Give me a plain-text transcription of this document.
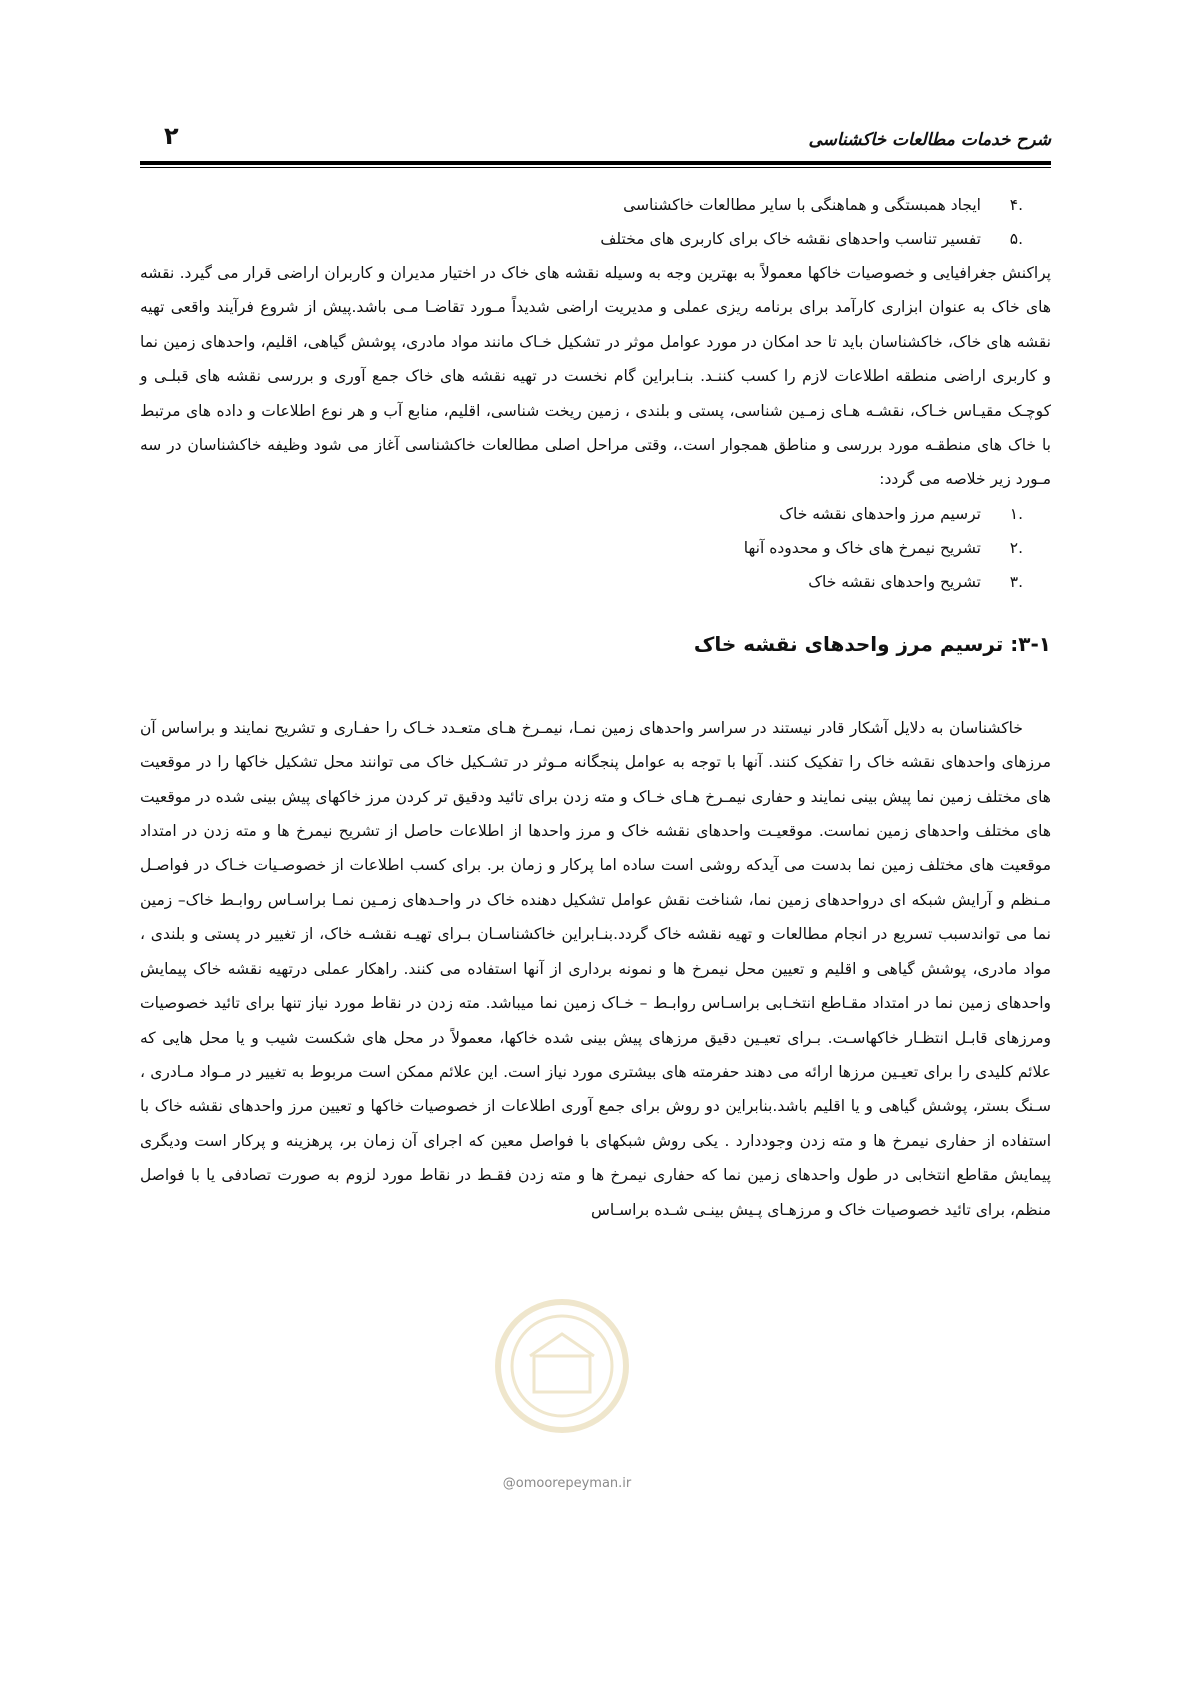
شرح خدمات مطالعات خاکشناسی
۲
.۴
ایجاد همبستگی و هماهنگی با سایر مطالعات خاکشناسی
.۵
تفسیر تناسب واحدهای نقشه خاک برای کاربری های مختلف

پراکنش جغرافیایی و خصوصیات خاکها معمولاً به بهترین وجه به وسیله نقشه های خاک در اختیار مدیران و کاربران اراضی قرار می گیرد. نقشه های خاک به عنوان ابزاری کارآمد برای برنامه ریزی عملی و مدیریت اراضی شدیداً مـورد تقاضـا مـی باشد.پیش از شروع فرآیند واقعی تهیه نقشه های خاک، خاکشناسان باید تا حد امکان در مورد عوامل موثر در تشکیل خـاک مانند مواد مادری، پوشش گیاهی، اقلیم، واحدهای زمین نما و کاربری اراضی منطقه اطلاعات لازم را کسب کننـد. بنـابراین گام نخست در تهیه نقشه های خاک جمع آوری و بررسی نقشه های قبلـی و کوچـک مقیـاس خـاک، نقشـه هـای زمـین شناسی، پستی و بلندی ، زمین ریخت شناسی، اقلیم، منابع آب و هر نوع اطلاعات و داده های مرتبط با خاک های منطقـه مورد بررسی و مناطق همجوار است.، وقتی مراحل اصلی مطالعات خاکشناسی آغاز می شود وظیفه خاکشناسان در سه مـورد زیر خلاصه می گردد:

.۱
ترسیم مرز واحدهای نقشه خاک
.۲
تشریح نیمرخ های خاک و محدوده آنها
.۳
تشریح واحدهای نقشه خاک
۳-۱: ترسیم مرز واحدهای نقشه خاک

خاکشناسان به دلایل آشکار قادر نیستند در سراسر واحدهای زمین نمـا، نیمـرخ هـای متعـدد خـاک را حفـاری و تشریح نمایند و براساس آن مرزهای واحدهای نقشه خاک را تفکیک کنند. آنها با توجه به عوامل پنجگانه مـوثر در تشـکیل خاک می توانند محل تشکیل خاکها را در موقعیت های مختلف زمین نما پیش بینی نمایند و حفاری نیمـرخ هـای خـاک و مته زدن برای تائید ودقیق تر کردن مرز خاکهای پیش بینی شده در موقعیت های مختلف واحدهای زمین نماست. موقعیـت واحدهای نقشه خاک و مرز واحدها از اطلاعات حاصل از تشریح نیمرخ ها و مته زدن در امتداد موقعیت های مختلف زمین نما بدست می آیدکه روشی است ساده اما پرکار و زمان بر. برای کسب اطلاعات از خصوصـیات خـاک در فواصـل مـنظم و آرایش شبکه ای درواحدهای زمین نما، شناخت نقش عوامل تشکیل دهنده خاک در واحـدهای زمـین نمـا براسـاس روابـط خاک– زمین نما می تواندسبب تسریع در انجام مطالعات و تهیه نقشه خاک گردد.بنـابراین خاکشناسـان بـرای تهیـه نقشـه خاک، از تغییر در پستی و بلندی ، مواد مادری، پوشش گیاهی و اقلیم و تعیین محل نیمرخ ها و نمونه برداری از آنها استفاده می کنند. راهکار عملی درتهیه نقشه خاک پیمایش واحدهای زمین نما در امتداد مقـاطع انتخـابی براسـاس روابـط – خـاک زمین نما میباشد. مته زدن در نقاط مورد نیاز تنها برای تائید خصوصیات ومرزهای قابـل انتظـار خاکهاسـت. بـرای تعیـین دقیق مرزهای پیش بینی شده خاکها، معمولاً در محل های شکست شیب و یا محل هایی که علائم کلیدی را برای تعیـین مرزها ارائه می دهند حفرمته های بیشتری مورد نیاز است. این علائم ممکن است مربوط به تغییر در مـواد مـادری ، سـنگ بستر، پوشش گیاهی و یا اقلیم باشد.بنابراین دو روش برای جمع آوری اطلاعات از خصوصیات خاکها و تعیین مرز واحدهای نقشه خاک با استفاده از حفاری نیمرخ ها و مته زدن وجوددارد . یکی روش شبکهای با فواصل معین که اجرای آن زمان بر، پرهزینه و پرکار است ودیگری پیمایش مقاطع انتخابی در طول واحدهای زمین نما که حفاری نیمرخ ها و مته زدن فقـط در نقاط مورد لزوم به صورت تصادفی یا با فواصل منظم، برای تائید خصوصیات خاک و مرزهـای پـیش بینـی شـده براسـاس

@omoorepeyman.ir
